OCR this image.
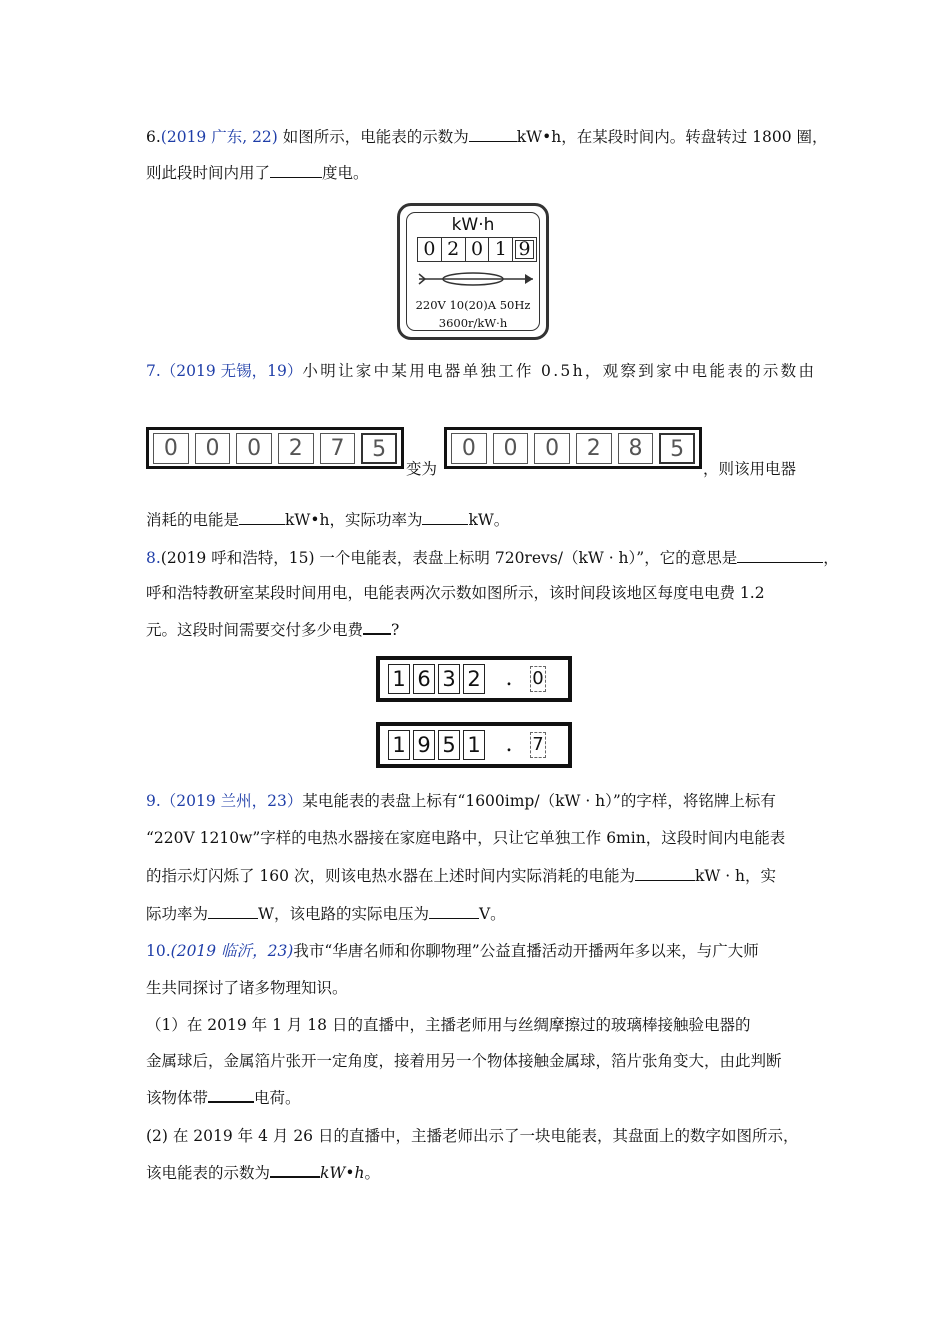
6.(2019 广东, 22) 如图所示，电能表的示数为	kW•h，在某段时间内。转盘转过 1800 圈，
则此段时间内用了	度电。
kW·h
0 2 0 1 9
220V 10(20)A 50Hz
3600r/kW·h
7.（2019 无锡，19）小明让家中某用电器单独工作 0.5h，观察到家中电能表的示数由
0	0	0	2	7	5
变为
0	0	0	2	8	5
，则该用电器
消耗的电能是	kW•h，实际功率为	kW。
8.(2019 呼和浩特，15) 一个电能表，表盘上标明 720revs/（kW · h）”，它的意思是	，
呼和浩特教研室某段时间用电，电能表两次示数如图所示，该时间段该地区每度电电费 1.2
元。这段时间需要交付多少电费 ?
1 6 3 2 .	0
1 9 5 1 .	7
9.（2019 兰州，23）某电能表的表盘上标有“1600imp/（kW · h）”的字样，将铭牌上标有
“220V 1210w”字样的电热水器接在家庭电路中，只让它单独工作 6min，这段时间内电能表
的指示灯闪烁了 160 次，则该电热水器在上述时间内实际消耗的电能为	kW · h，实
际功率为	W，该电路的实际电压为	V。
10.(2019 临沂，23)我市“华唐名师和你聊物理”公益直播活动开播两年多以来，与广大师
生共同探讨了诸多物理知识。
（1）在 2019 年 1 月 18 日的直播中，主播老师用与丝绸摩擦过的玻璃棒接触验电器的
金属球后，金属箔片张开一定角度，接着用另一个物体接触金属球，箔片张角变大，由此判断
该物体带	电荷。
(2) 在 2019 年 4 月 26 日的直播中，主播老师出示了一块电能表，其盘面上的数字如图所示，
该电能表的示数为	kW•h。
